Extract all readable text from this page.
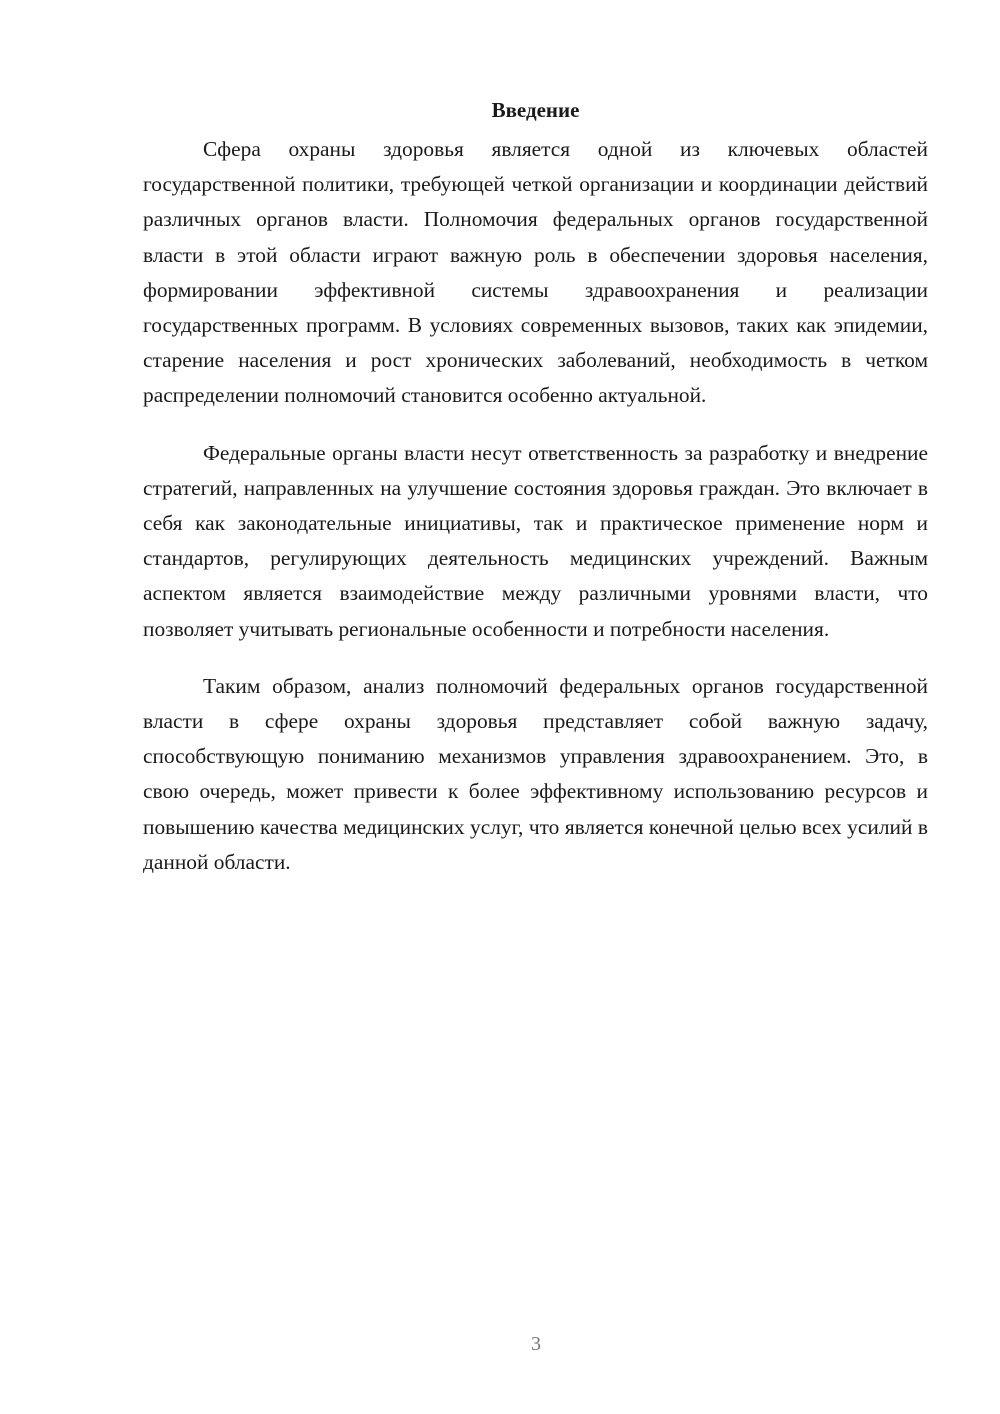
Введение

Сфера охраны здоровья является одной из ключевых областей государственной политики, требующей четкой организации и координации действий различных органов власти. Полномочия федеральных органов государственной власти в этой области играют важную роль в обеспечении здоровья населения, формировании эффективной системы здравоохранения и реализации государственных программ. В условиях современных вызовов, таких как эпидемии, старение населения и рост хронических заболеваний, необходимость в четком распределении полномочий становится особенно актуальной.

Федеральные органы власти несут ответственность за разработку и внедрение стратегий, направленных на улучшение состояния здоровья граждан. Это включает в себя как законодательные инициативы, так и практическое применение норм и стандартов, регулирующих деятельность медицинских учреждений. Важным аспектом является взаимодействие между различными уровнями власти, что позволяет учитывать региональные особенности и потребности населения.

Таким образом, анализ полномочий федеральных органов государственной власти в сфере охраны здоровья представляет собой важную задачу, способствующую пониманию механизмов управления здравоохранением. Это, в свою очередь, может привести к более эффективному использованию ресурсов и повышению качества медицинских услуг, что является конечной целью всех усилий в данной области.

3
